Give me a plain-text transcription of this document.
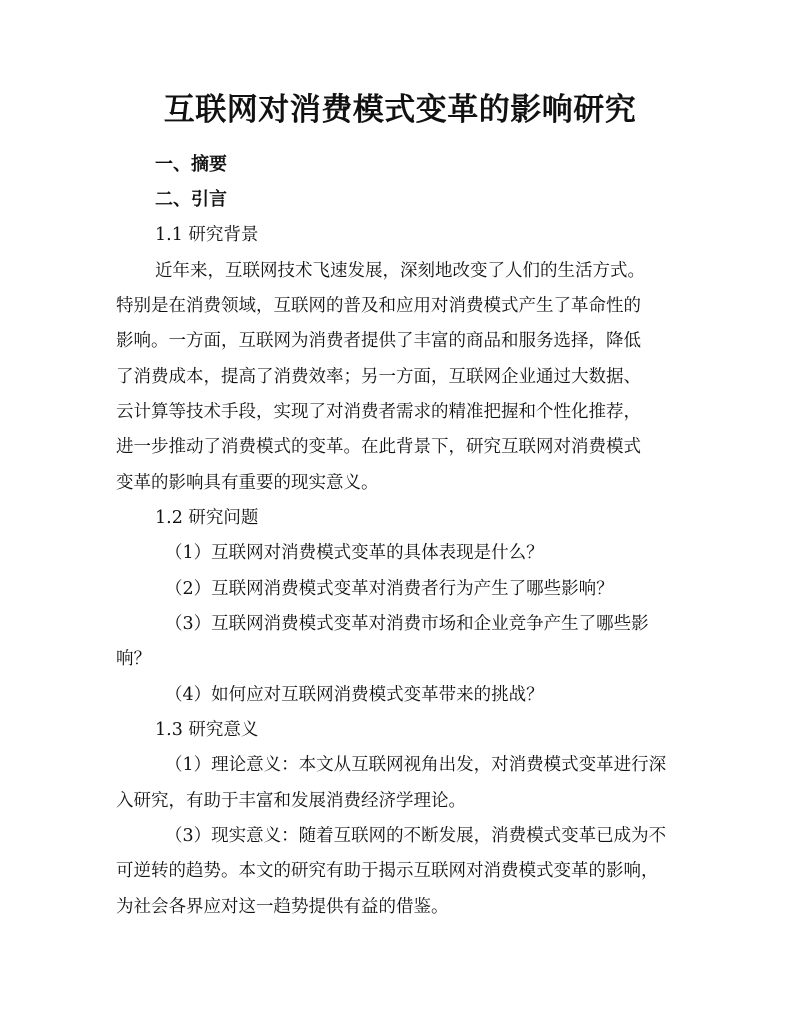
互联网对消费模式变革的影响研究
一、摘要
二、引言
1.1 研究背景
近年来，互联网技术飞速发展，深刻地改变了人们的生活方式。
特别是在消费领域，互联网的普及和应用对消费模式产生了革命性的
影响。一方面，互联网为消费者提供了丰富的商品和服务选择，降低
了消费成本，提高了消费效率；另一方面，互联网企业通过大数据、
云计算等技术手段，实现了对消费者需求的精准把握和个性化推荐，
进一步推动了消费模式的变革。在此背景下，研究互联网对消费模式
变革的影响具有重要的现实意义。
1.2 研究问题
（1）互联网对消费模式变革的具体表现是什么？
（2）互联网消费模式变革对消费者行为产生了哪些影响？
（3）互联网消费模式变革对消费市场和企业竞争产生了哪些影
响？
（4）如何应对互联网消费模式变革带来的挑战？
1.3 研究意义
（1）理论意义：本文从互联网视角出发，对消费模式变革进行深
入研究，有助于丰富和发展消费经济学理论。
（3）现实意义：随着互联网的不断发展，消费模式变革已成为不
可逆转的趋势。本文的研究有助于揭示互联网对消费模式变革的影响，
为社会各界应对这一趋势提供有益的借鉴。
